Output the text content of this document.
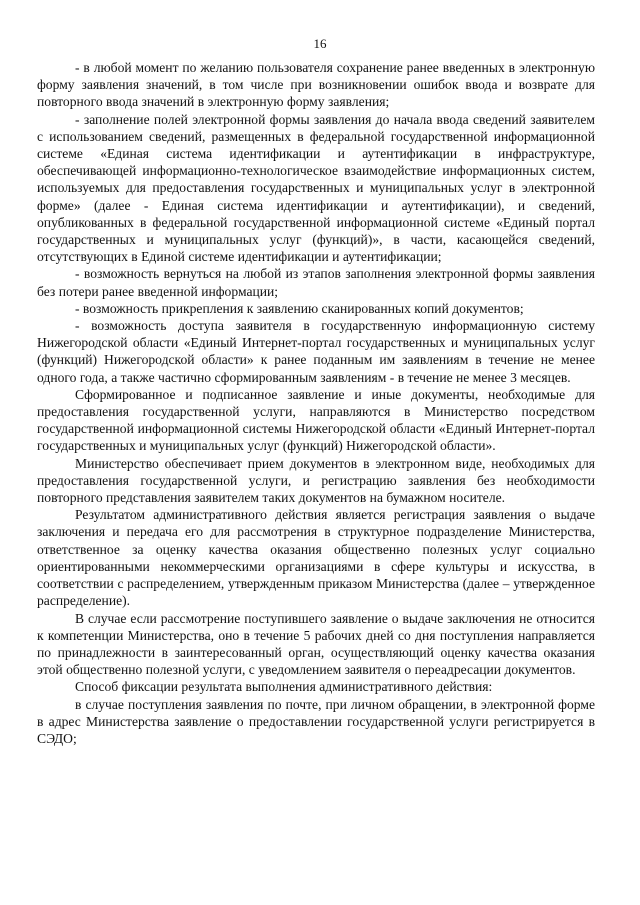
16

- в любой момент по желанию пользователя сохранение ранее введенных в электронную форму заявления значений, в том числе при возникновении ошибок ввода и возврате для повторного ввода значений в электронную форму заявления;

- заполнение полей электронной формы заявления до начала ввода сведений заявителем с использованием сведений, размещенных в федеральной государственной информационной системе «Единая система идентификации и аутентификации в инфраструктуре, обеспечивающей информационно-технологическое взаимодействие информационных систем, используемых для предоставления государственных и муниципальных услуг в электронной форме» (далее - Единая система идентификации и аутентификации), и сведений, опубликованных в федеральной государственной информационной системе «Единый портал государственных и муниципальных услуг (функций)», в части, касающейся сведений, отсутствующих в Единой системе идентификации и аутентификации;

- возможность вернуться на любой из этапов заполнения электронной формы заявления без потери ранее введенной информации;

- возможность прикрепления к заявлению сканированных копий документов;

- возможность доступа заявителя в государственную информационную систему Нижегородской области «Единый Интернет-портал государственных и муниципальных услуг (функций) Нижегородской области» к ранее поданным им заявлениям в течение не менее одного года, а также частично сформированным заявлениям - в течение не менее 3 месяцев.

Сформированное и подписанное заявление и иные документы, необходимые для предоставления государственной услуги, направляются в Министерство посредством государственной информационной системы Нижегородской области «Единый Интернет-портал государственных и муниципальных услуг (функций) Нижегородской области».

Министерство обеспечивает прием документов в электронном виде, необходимых для предоставления государственной услуги, и регистрацию заявления без необходимости повторного представления заявителем таких документов на бумажном носителе.

Результатом административного действия является регистрация заявления о выдаче заключения и передача его для рассмотрения в структурное подразделение Министерства, ответственное за оценку качества оказания общественно полезных услуг социально ориентированными некоммерческими организациями в сфере культуры и искусства, в соответствии с распределением, утвержденным приказом Министерства (далее – утвержденное распределение).

В случае если рассмотрение поступившего заявление о выдаче заключения не относится к компетенции Министерства, оно в течение 5 рабочих дней со дня поступления направляется по принадлежности в заинтересованный орган, осуществляющий оценку качества оказания этой общественно полезной услуги, с уведомлением заявителя о переадресации документов.

Способ фиксации результата выполнения административного действия:

в случае поступления заявления по почте, при личном обращении, в электронной форме в адрес Министерства заявление о предоставлении государственной услуги регистрируется в СЭДО;
